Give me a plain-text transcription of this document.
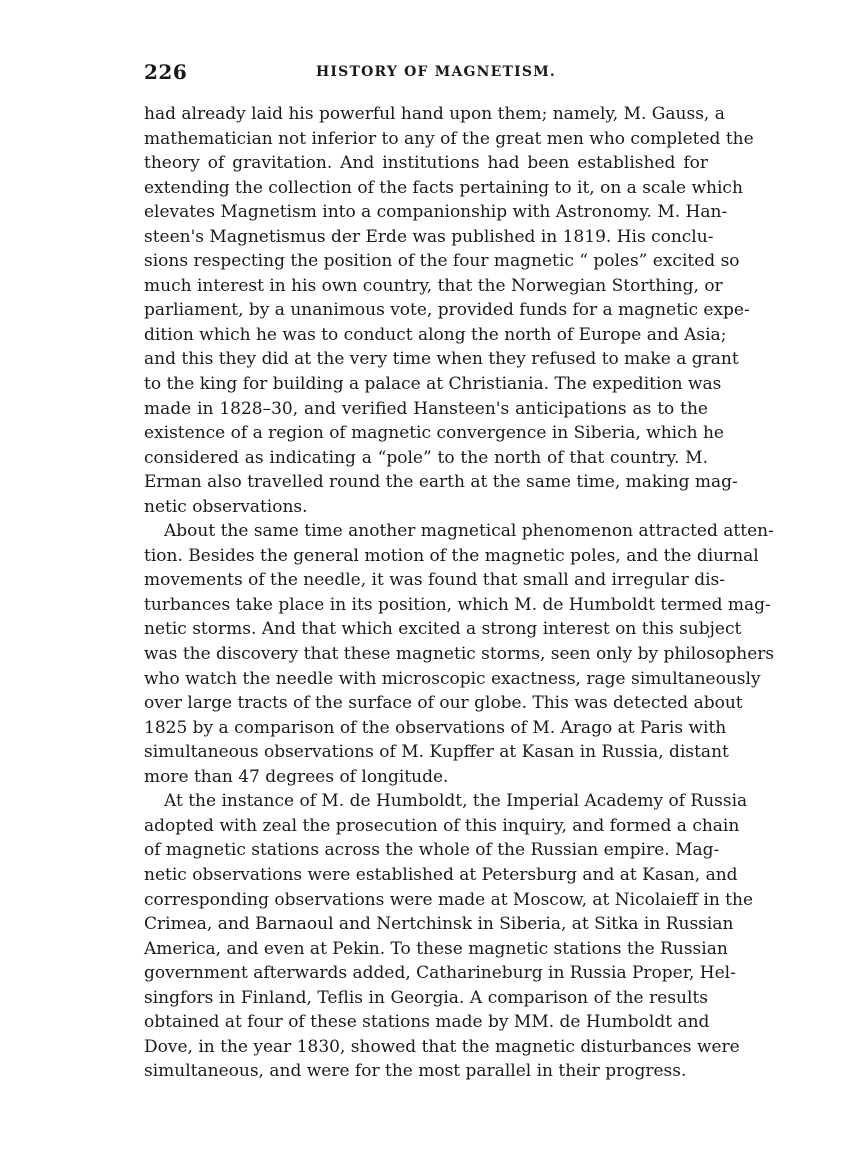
226	HISTORY OF MAGNETISM.
had already laid his powerful hand upon them; namely, M. Gauss, a
mathematician not inferior to any of the great men who completed the
theory of gravitation. And institutions had been established for
extending the collection of the facts pertaining to it, on a scale which
elevates Magnetism into a companionship with Astronomy. M. Han-
steen's Magnetismus der Erde was published in 1819. His conclu-
sions respecting the position of the four magnetic “ poles” excited so
much interest in his own country, that the Norwegian Storthing, or
parliament, by a unanimous vote, provided funds for a magnetic expe-
dition which he was to conduct along the north of Europe and Asia;
and this they did at the very time when they refused to make a grant
to the king for building a palace at Christiania. The expedition was
made in 1828–30, and verified Hansteen's anticipations as to the
existence of a region of magnetic convergence in Siberia, which he
considered as indicating a “pole” to the north of that country. M.
Erman also travelled round the earth at the same time, making mag-
netic observations.
About the same time another magnetical phenomenon attracted atten-
tion. Besides the general motion of the magnetic poles, and the diurnal
movements of the needle, it was found that small and irregular dis-
turbances take place in its position, which M. de Humboldt termed mag-
netic storms. And that which excited a strong interest on this subject
was the discovery that these magnetic storms, seen only by philosophers
who watch the needle with microscopic exactness, rage simultaneously
over large tracts of the surface of our globe. This was detected about
1825 by a comparison of the observations of M. Arago at Paris with
simultaneous observations of M. Kupffer at Kasan in Russia, distant
more than 47 degrees of longitude.
At the instance of M. de Humboldt, the Imperial Academy of Russia
adopted with zeal the prosecution of this inquiry, and formed a chain
of magnetic stations across the whole of the Russian empire. Mag-
netic observations were established at Petersburg and at Kasan, and
corresponding observations were made at Moscow, at Nicolaieff in the
Crimea, and Barnaoul and Nertchinsk in Siberia, at Sitka in Russian
America, and even at Pekin. To these magnetic stations the Russian
government afterwards added, Catharineburg in Russia Proper, Hel-
singfors in Finland, Teflis in Georgia. A comparison of the results
obtained at four of these stations made by MM. de Humboldt and
Dove, in the year 1830, showed that the magnetic disturbances were
simultaneous, and were for the most parallel in their progress.
